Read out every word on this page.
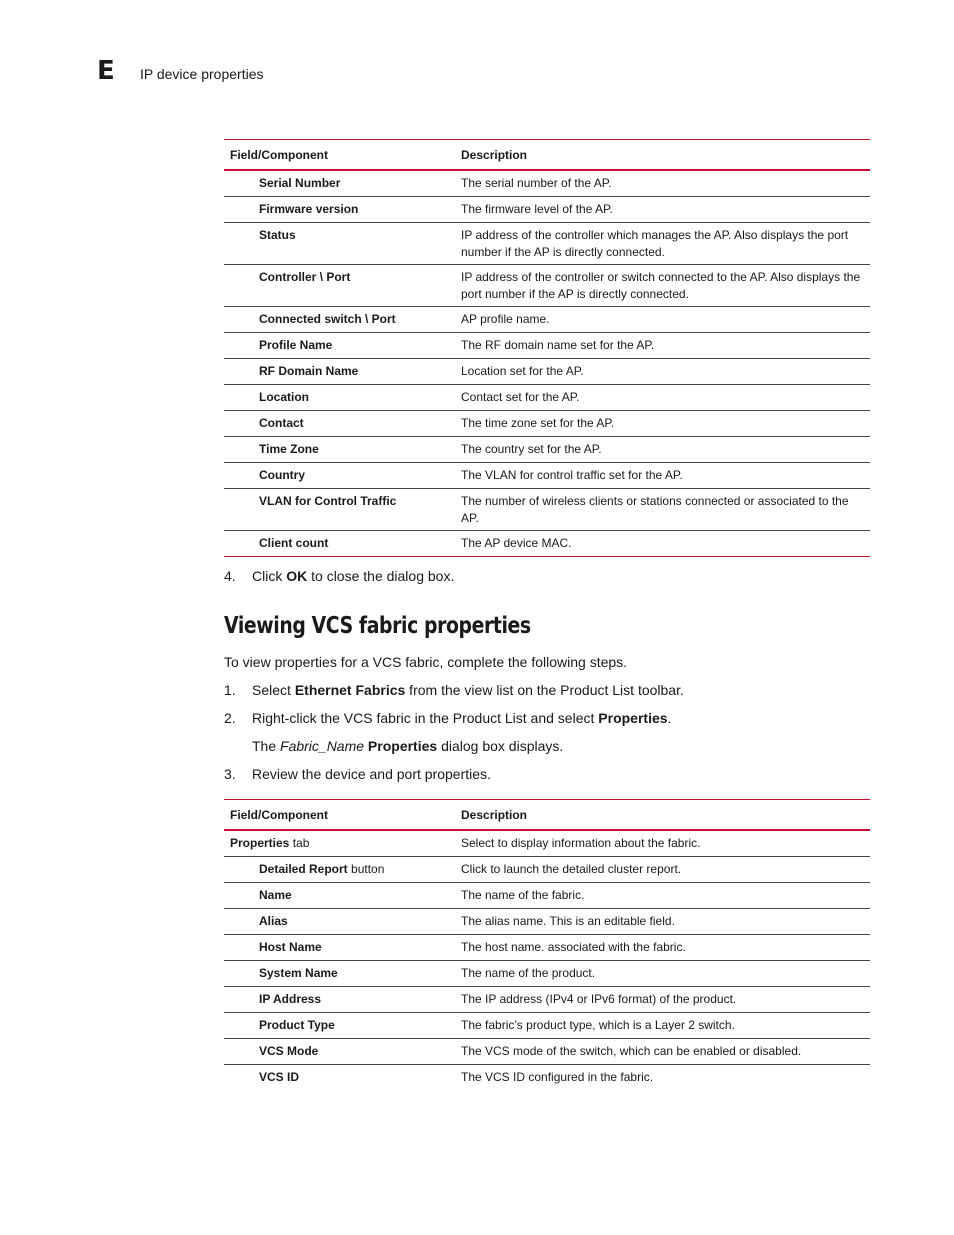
E IP device properties
Field/Component	Description
Serial Number	The serial number of the AP.
Firmware version	The firmware level of the AP.
Status	IP address of the controller which manages the AP. Also displays the port number if the AP is directly connected.
Controller \ Port	IP address of the controller or switch connected to the AP. Also displays the port number if the AP is directly connected.
Connected switch \ Port	AP profile name.
Profile Name	The RF domain name set for the AP.
RF Domain Name	Location set for the AP.
Location	Contact set for the AP.
Contact	The time zone set for the AP.
Time Zone	The country set for the AP.
Country	The VLAN for control traffic set for the AP.
VLAN for Control Traffic	The number of wireless clients or stations connected or associated to the AP.
Client count	The AP device MAC.
4. Click OK to close the dialog box.
Viewing VCS fabric properties
To view properties for a VCS fabric, complete the following steps.
1. Select Ethernet Fabrics from the view list on the Product List toolbar.
2. Right-click the VCS fabric in the Product List and select Properties.
The Fabric_Name Properties dialog box displays.
3. Review the device and port properties.
Field/Component	Description
Properties tab	Select to display information about the fabric.
Detailed Report button	Click to launch the detailed cluster report.
Name	The name of the fabric.
Alias	The alias name. This is an editable field.
Host Name	The host name. associated with the fabric.
System Name	The name of the product.
IP Address	The IP address (IPv4 or IPv6 format) of the product.
Product Type	The fabric’s product type, which is a Layer 2 switch.
VCS Mode	The VCS mode of the switch, which can be enabled or disabled.
VCS ID	The VCS ID configured in the fabric.
